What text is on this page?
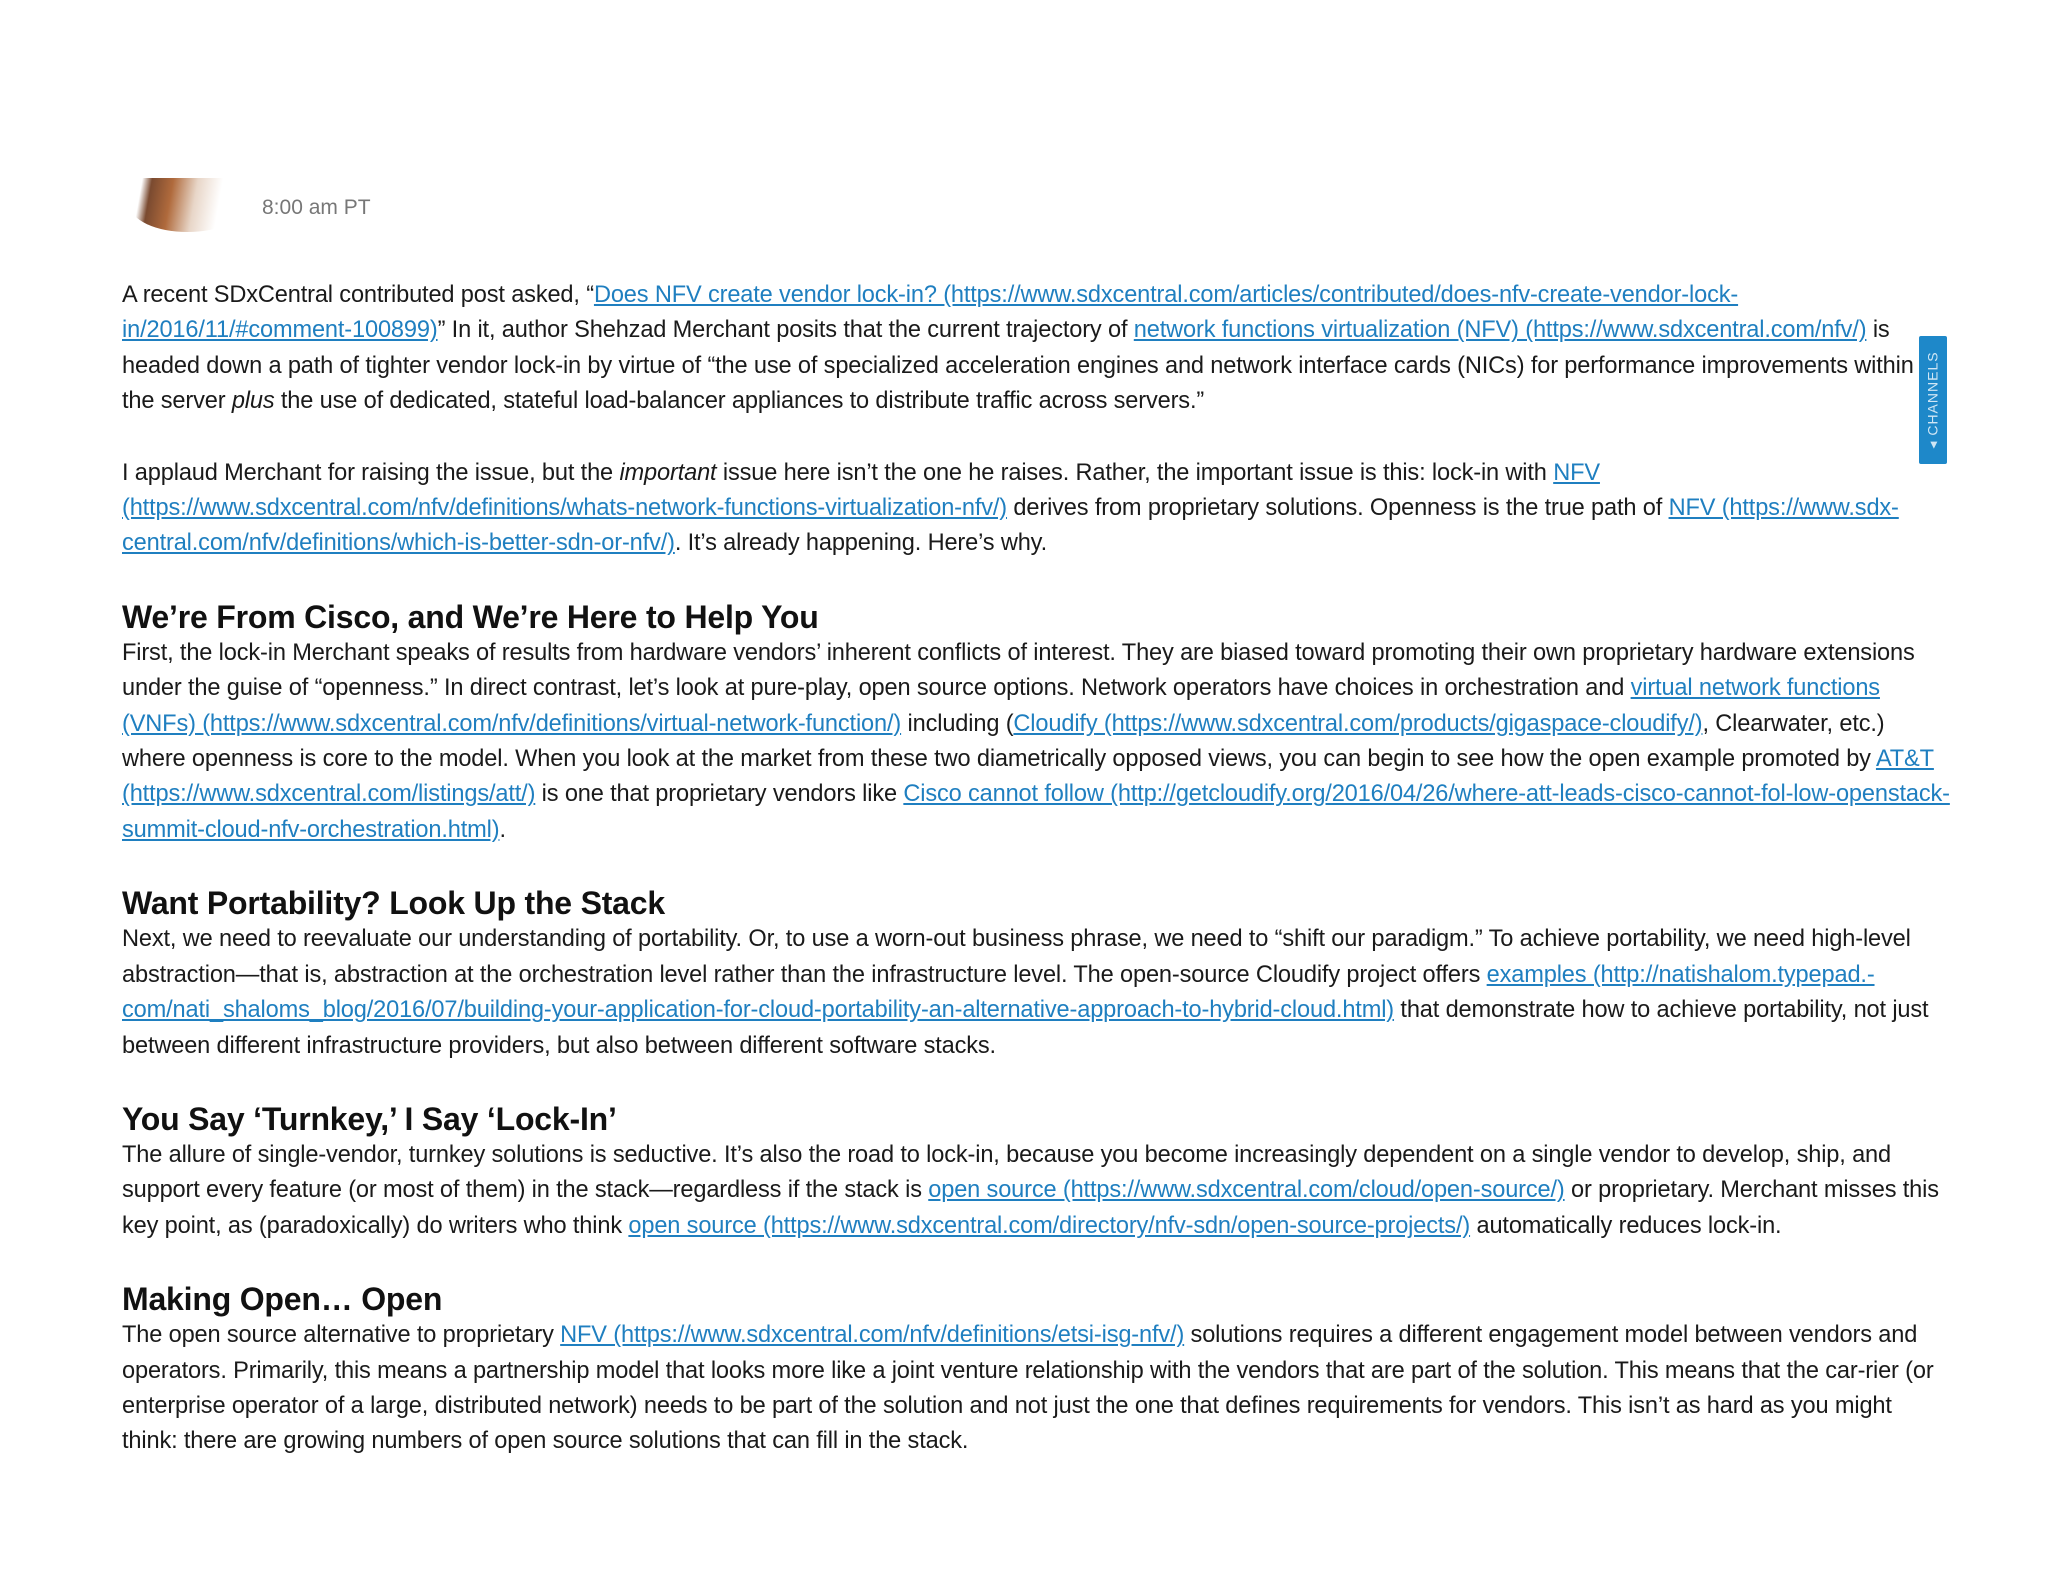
8:00 am PT

A recent SDxCentral contributed post asked, “Does NFV create vendor lock-in? (https://www.sdxcentral.com/articles/contributed/does-nfv-create-vendor-lock-in/2016/11/#comment-100899)” In it, author Shehzad Merchant posits that the current trajectory of network functions virtualization (NFV) (https://www.sdxcentral.com/nfv/) is headed down a path of tighter vendor lock-in by virtue of “the use of specialized acceleration engines and network interface cards (NICs) for performance improvements within the server plus the use of dedicated, stateful load-balancer appliances to distribute traffic across servers.”

I applaud Merchant for raising the issue, but the important issue here isn’t the one he raises. Rather, the important issue is this: lock-in with NFV (https://www.sdxcentral.com/nfv/definitions/whats-network-functions-virtualization-nfv/) derives from proprietary solutions. Openness is the true path of NFV (https://www.sdx-central.com/nfv/definitions/which-is-better-sdn-or-nfv/). It’s already happening. Here’s why.

We’re From Cisco, and We’re Here to Help You

First, the lock-in Merchant speaks of results from hardware vendors’ inherent conflicts of interest. They are biased toward promoting their own proprietary hardware extensions under the guise of “openness.” In direct contrast, let’s look at pure-play, open source options. Network operators have choices in orchestration and virtual network functions (VNFs) (https://www.sdxcentral.com/nfv/definitions/virtual-network-function/) including (Cloudify (https://www.sdxcentral.com/products/gigaspace-cloudify/), Clearwater, etc.) where openness is core to the model. When you look at the market from these two diametrically opposed views, you can begin to see how the open example promoted by AT&T (https://www.sdxcentral.com/listings/att/) is one that proprietary vendors like Cisco cannot follow (http://getcloudify.org/2016/04/26/where-att-leads-cisco-cannot-fol-low-openstack-summit-cloud-nfv-orchestration.html).

Want Portability? Look Up the Stack

Next, we need to reevaluate our understanding of portability. Or, to use a worn-out business phrase, we need to “shift our paradigm.” To achieve portability, we need high-level abstraction—that is, abstraction at the orchestration level rather than the infrastructure level. The open-source Cloudify project offers examples (http://natishalom.typepad.-com/nati_shaloms_blog/2016/07/building-your-application-for-cloud-portability-an-alternative-approach-to-hybrid-cloud.html) that demonstrate how to achieve portability, not just between different infrastructure providers, but also between different software stacks.

You Say ‘Turnkey,’ I Say ‘Lock-In’

The allure of single-vendor, turnkey solutions is seductive. It’s also the road to lock-in, because you become increasingly dependent on a single vendor to develop, ship, and support every feature (or most of them) in the stack—regardless if the stack is open source (https://www.sdxcentral.com/cloud/open-source/) or proprietary. Merchant misses this key point, as (paradoxically) do writers who think open source (https://www.sdxcentral.com/directory/nfv-sdn/open-source-projects/) automatically reduces lock-in.

Making Open… Open

The open source alternative to proprietary NFV (https://www.sdxcentral.com/nfv/definitions/etsi-isg-nfv/) solutions requires a different engagement model between vendors and operators. Primarily, this means a partnership model that looks more like a joint venture relationship with the vendors that are part of the solution. This means that the car-rier (or enterprise operator of a large, distributed network) needs to be part of the solution and not just the one that defines requirements for vendors. This isn’t as hard as you might think: there are growing numbers of open source solutions that can fill in the stack.

◂ CHANNELS
